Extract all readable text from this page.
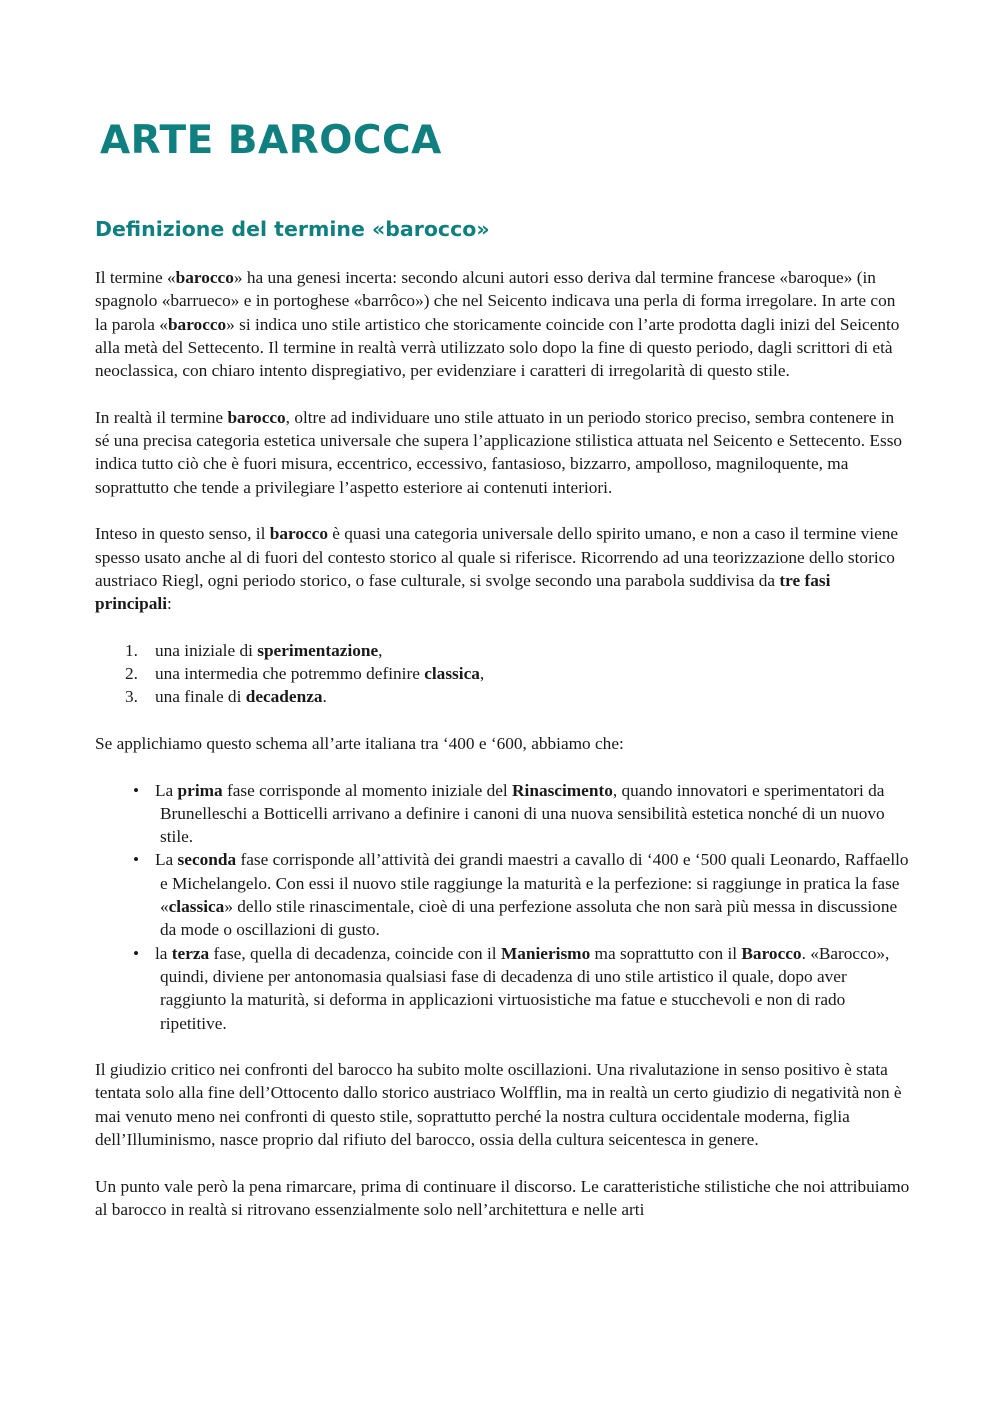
ARTE BAROCCA
Definizione del termine «barocco»

Il termine «barocco» ha una genesi incerta: secondo alcuni autori esso deriva dal termine francese «baroque» (in spagnolo «barrueco» e in portoghese «barrôco») che nel Seicento indicava una perla di forma irregolare. In arte con la parola «barocco» si indica uno stile artistico che storicamente coincide con l’arte prodotta dagli inizi del Seicento alla metà del Settecento. Il termine in realtà verrà utilizzato solo dopo la fine di questo periodo, dagli scrittori di età neoclassica, con chiaro intento dispregiativo, per evidenziare i caratteri di irregolarità di questo stile.

In realtà il termine barocco, oltre ad individuare uno stile attuato in un periodo storico preciso, sembra contenere in sé una precisa categoria estetica universale che supera l’applicazione stilistica attuata nel Seicento e Settecento. Esso indica tutto ciò che è fuori misura, eccentrico, eccessivo, fantasioso, bizzarro, ampolloso, magniloquente, ma soprattutto che tende a privilegiare l’aspetto esteriore ai contenuti interiori.

Inteso in questo senso, il barocco è quasi una categoria universale dello spirito umano, e non a caso il termine viene spesso usato anche al di fuori del contesto storico al quale si riferisce. Ricorrendo ad una teorizzazione dello storico austriaco Riegl, ogni periodo storico, o fase culturale, si svolge secondo una parabola suddivisa da tre fasi principali:

1. una iniziale di sperimentazione,
2. una intermedia che potremmo definire classica,
3. una finale di decadenza.

Se applichiamo questo schema all’arte italiana tra ‘400 e ‘600, abbiamo che:

• La prima fase corrisponde al momento iniziale del Rinascimento, quando innovatori e sperimentatori da Brunelleschi a Botticelli arrivano a definire i canoni di una nuova sensibilità estetica nonché di un nuovo stile.
• La seconda fase corrisponde all’attività dei grandi maestri a cavallo di ‘400 e ‘500 quali Leonardo, Raffaello e Michelangelo. Con essi il nuovo stile raggiunge la maturità e la perfezione: si raggiunge in pratica la fase «classica» dello stile rinascimentale, cioè di una perfezione assoluta che non sarà più messa in discussione da mode o oscillazioni di gusto.
• la terza fase, quella di decadenza, coincide con il Manierismo ma soprattutto con il Barocco. «Barocco», quindi, diviene per antonomasia qualsiasi fase di decadenza di uno stile artistico il quale, dopo aver raggiunto la maturità, si deforma in applicazioni virtuosistiche ma fatue e stucchevoli e non di rado ripetitive.

Il giudizio critico nei confronti del barocco ha subito molte oscillazioni. Una rivalutazione in senso positivo è stata tentata solo alla fine dell’Ottocento dallo storico austriaco Wolfflin, ma in realtà un certo giudizio di negatività non è mai venuto meno nei confronti di questo stile, soprattutto perché la nostra cultura occidentale moderna, figlia dell’Illuminismo, nasce proprio dal rifiuto del barocco, ossia della cultura seicentesca in genere.

Un punto vale però la pena rimarcare, prima di continuare il discorso. Le caratteristiche stilistiche che noi attribuiamo al barocco in realtà si ritrovano essenzialmente solo nell’architettura e nelle arti
